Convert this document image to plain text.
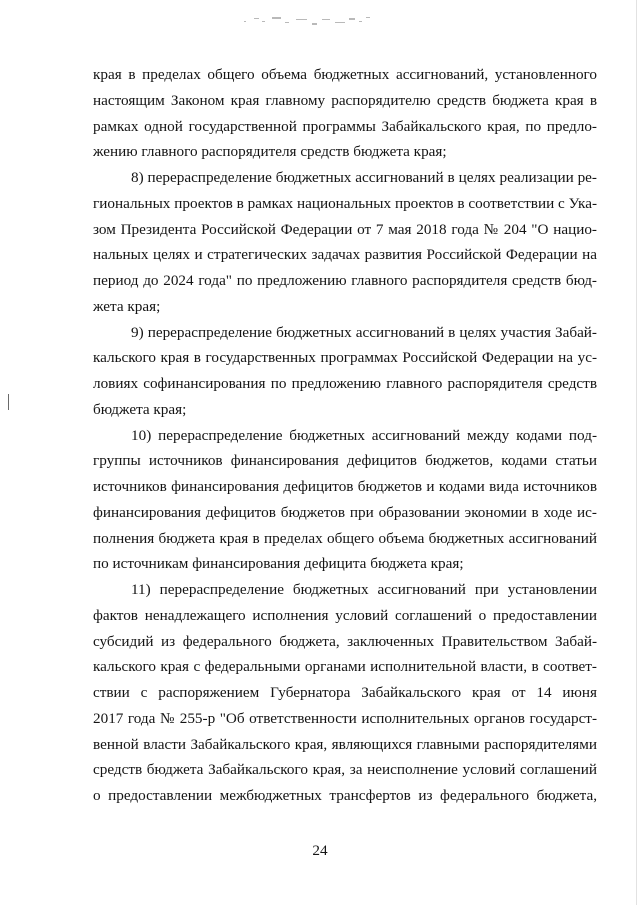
края в пределах общего объема бюджетных ассигнований, установленного
настоящим Законом края главному распорядителю средств бюджета края в
рамках одной государственной программы Забайкальского края, по предло-
жению главного распорядителя средств бюджета края;
8) перераспределение бюджетных ассигнований в целях реализации ре-
гиональных проектов в рамках национальных проектов в соответствии с Ука-
зом Президента Российской Федерации от 7 мая 2018 года № 204 "О нацио-
нальных целях и стратегических задачах развития Российской Федерации на
период до 2024 года" по предложению главного распорядителя средств бюд-
жета края;
9) перераспределение бюджетных ассигнований в целях участия Забай-
кальского края в государственных программах Российской Федерации на ус-
ловиях софинансирования по предложению главного распорядителя средств
бюджета края;
10) перераспределение бюджетных ассигнований между кодами под-
группы источников финансирования дефицитов бюджетов, кодами статьи
источников финансирования дефицитов бюджетов и кодами вида источников
финансирования дефицитов бюджетов при образовании экономии в ходе ис-
полнения бюджета края в пределах общего объема бюджетных ассигнований
по источникам финансирования дефицита бюджета края;
11) перераспределение бюджетных ассигнований при установлении
фактов ненадлежащего исполнения условий соглашений о предоставлении
субсидий из федерального бюджета, заключенных Правительством Забай-
кальского края с федеральными органами исполнительной власти, в соответ-
ствии с распоряжением Губернатора Забайкальского края от 14 июня
2017 года № 255-р "Об ответственности исполнительных органов государст-
венной власти Забайкальского края, являющихся главными распорядителями
средств бюджета Забайкальского края, за неисполнение условий соглашений
о предоставлении межбюджетных трансфертов из федерального бюджета,
24
